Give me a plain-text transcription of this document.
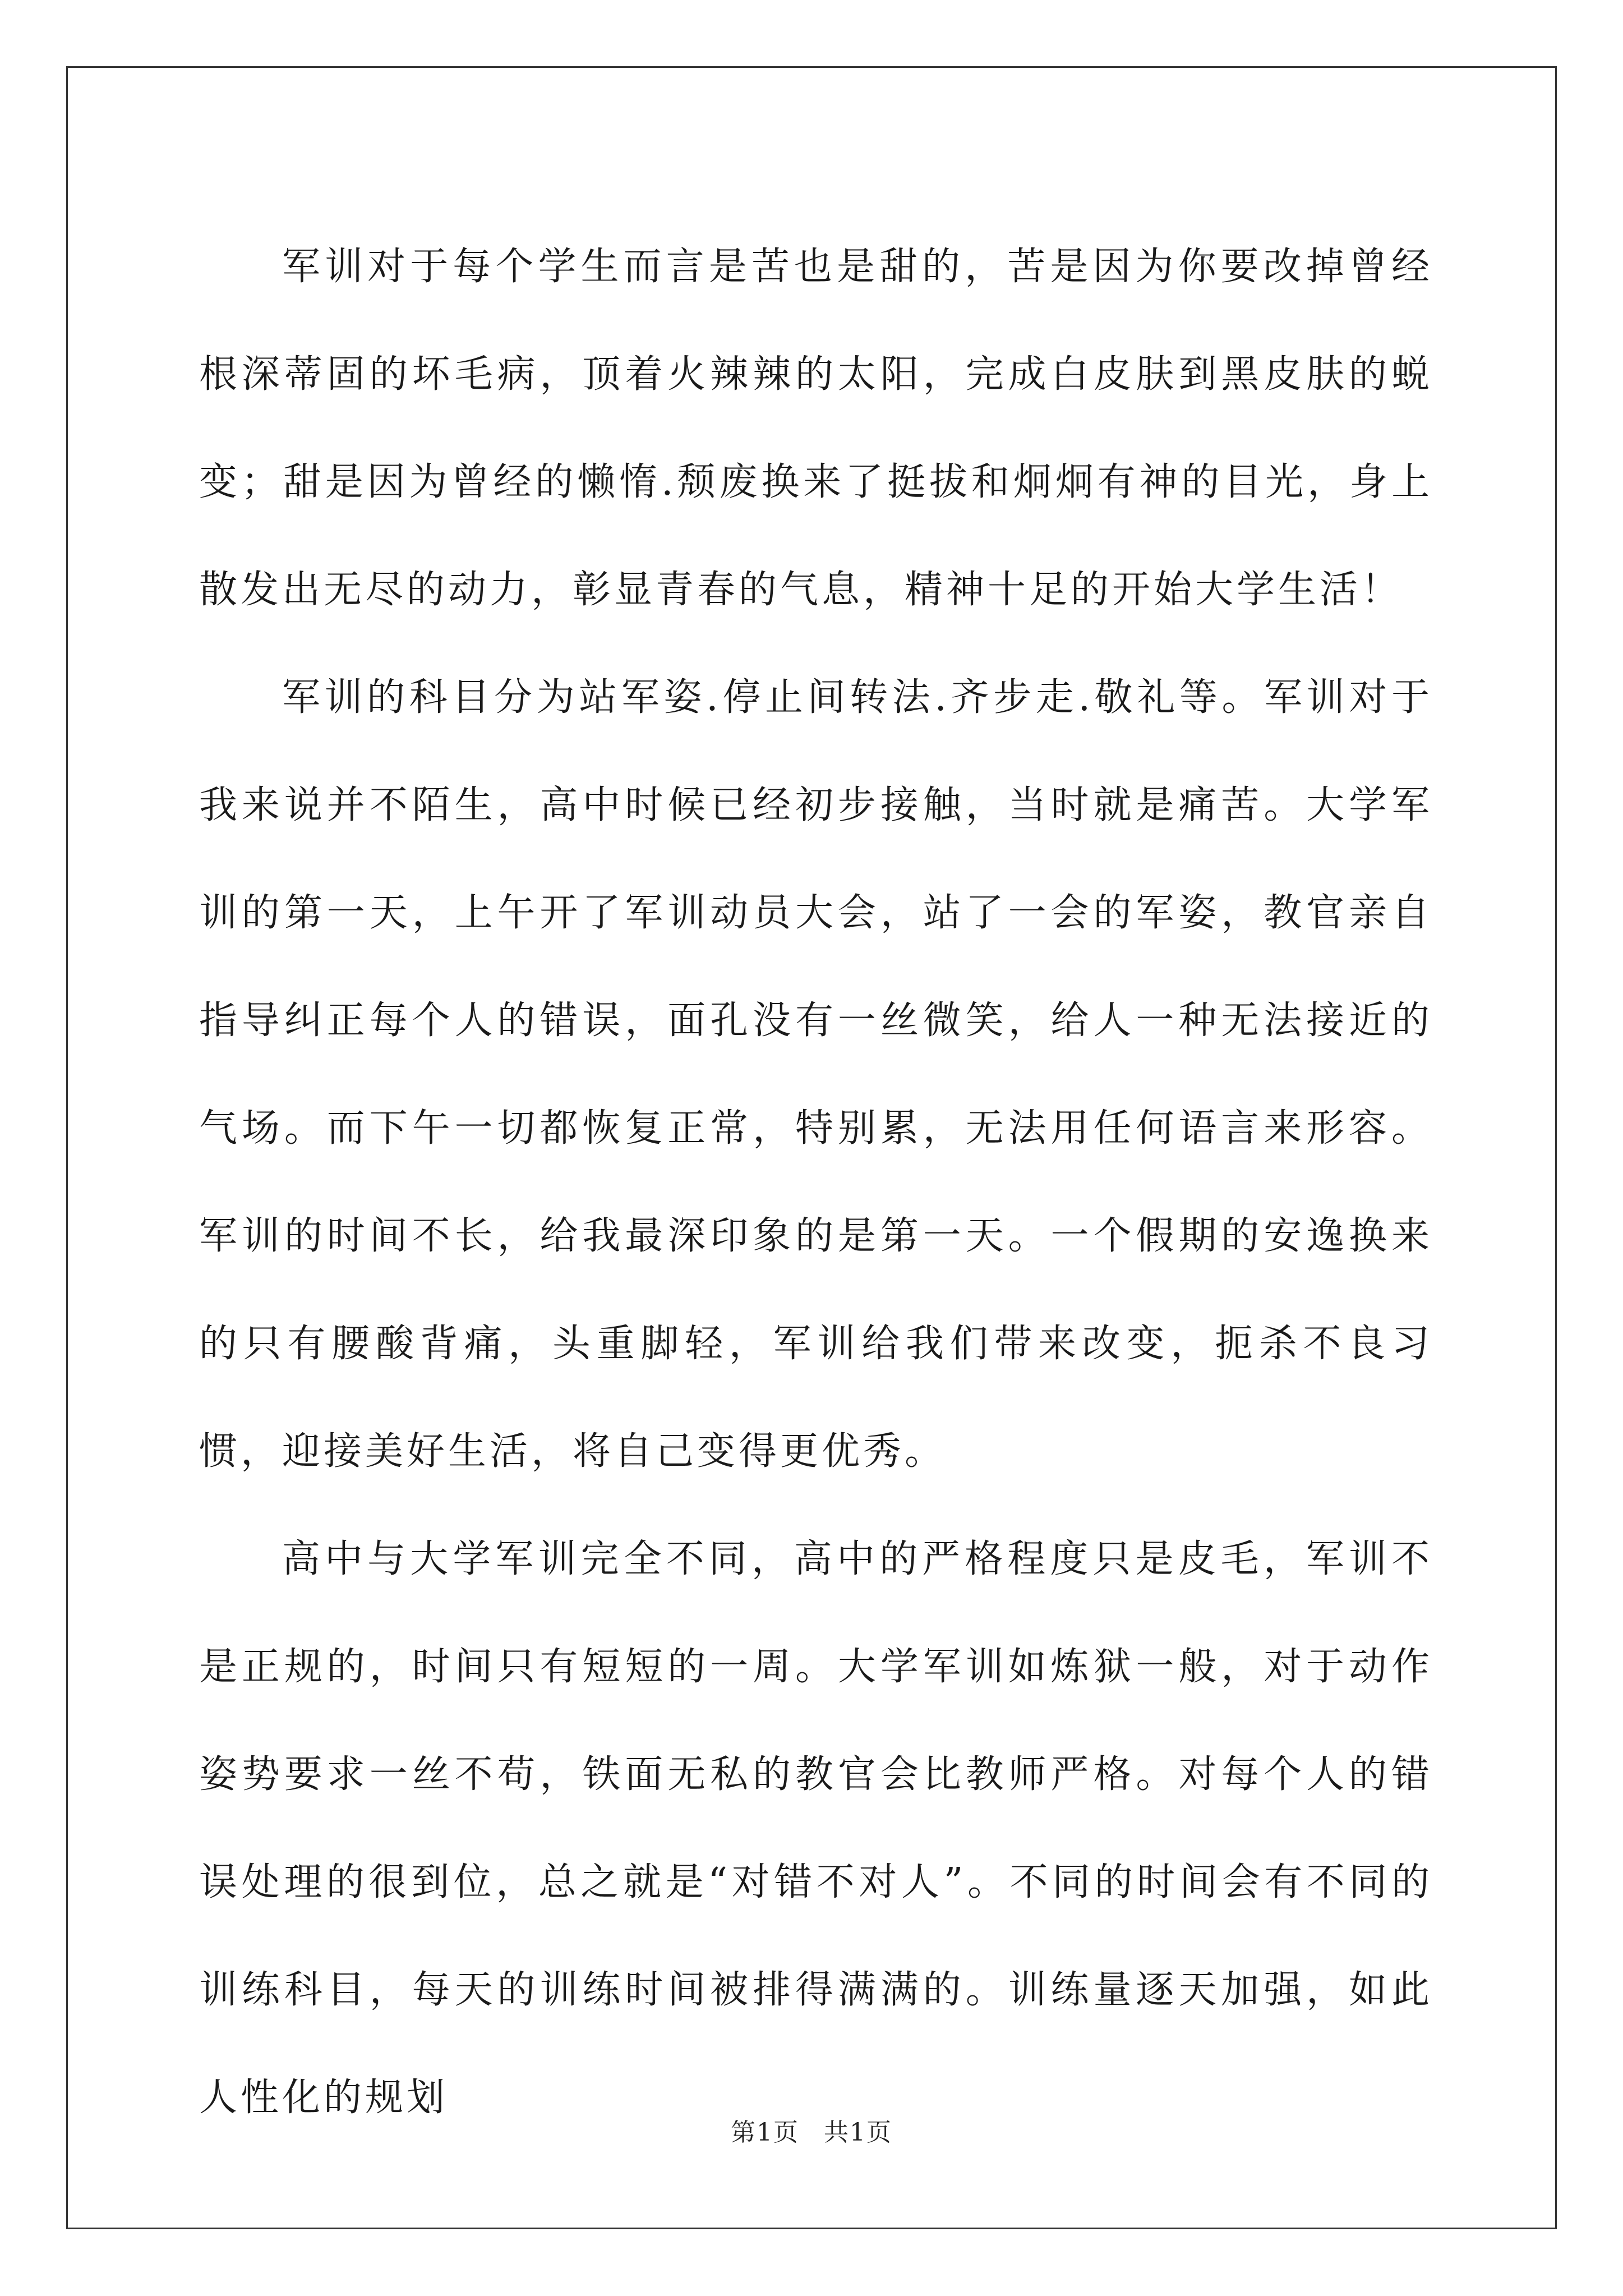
军训对于每个学生而言是苦也是甜的，苦是因为你要改掉曾经根深蒂固的坏毛病，顶着火辣辣的太阳，完成白皮肤到黑皮肤的蜕变；甜是因为曾经的懒惰.颓废换来了挺拔和炯炯有神的目光，身上散发出无尽的动力，彰显青春的气息，精神十足的开始大学生活！

军训的科目分为站军姿.停止间转法.齐步走.敬礼等。军训对于我来说并不陌生，高中时候已经初步接触，当时就是痛苦。大学军训的第一天，上午开了军训动员大会，站了一会的军姿，教官亲自指导纠正每个人的错误，面孔没有一丝微笑，给人一种无法接近的气场。而下午一切都恢复正常，特别累，无法用任何语言来形容。军训的时间不长，给我最深印象的是第一天。一个假期的安逸换来的只有腰酸背痛，头重脚轻，军训给我们带来改变，扼杀不良习惯，迎接美好生活，将自己变得更优秀。

高中与大学军训完全不同，高中的严格程度只是皮毛，军训不是正规的，时间只有短短的一周。大学军训如炼狱一般，对于动作姿势要求一丝不苟，铁面无私的教官会比教师严格。对每个人的错误处理的很到位，总之就是“对错不对人”。不同的时间会有不同的训练科目，每天的训练时间被排得满满的。训练量逐天加强，如此人性化的规划

第1页 共1页
